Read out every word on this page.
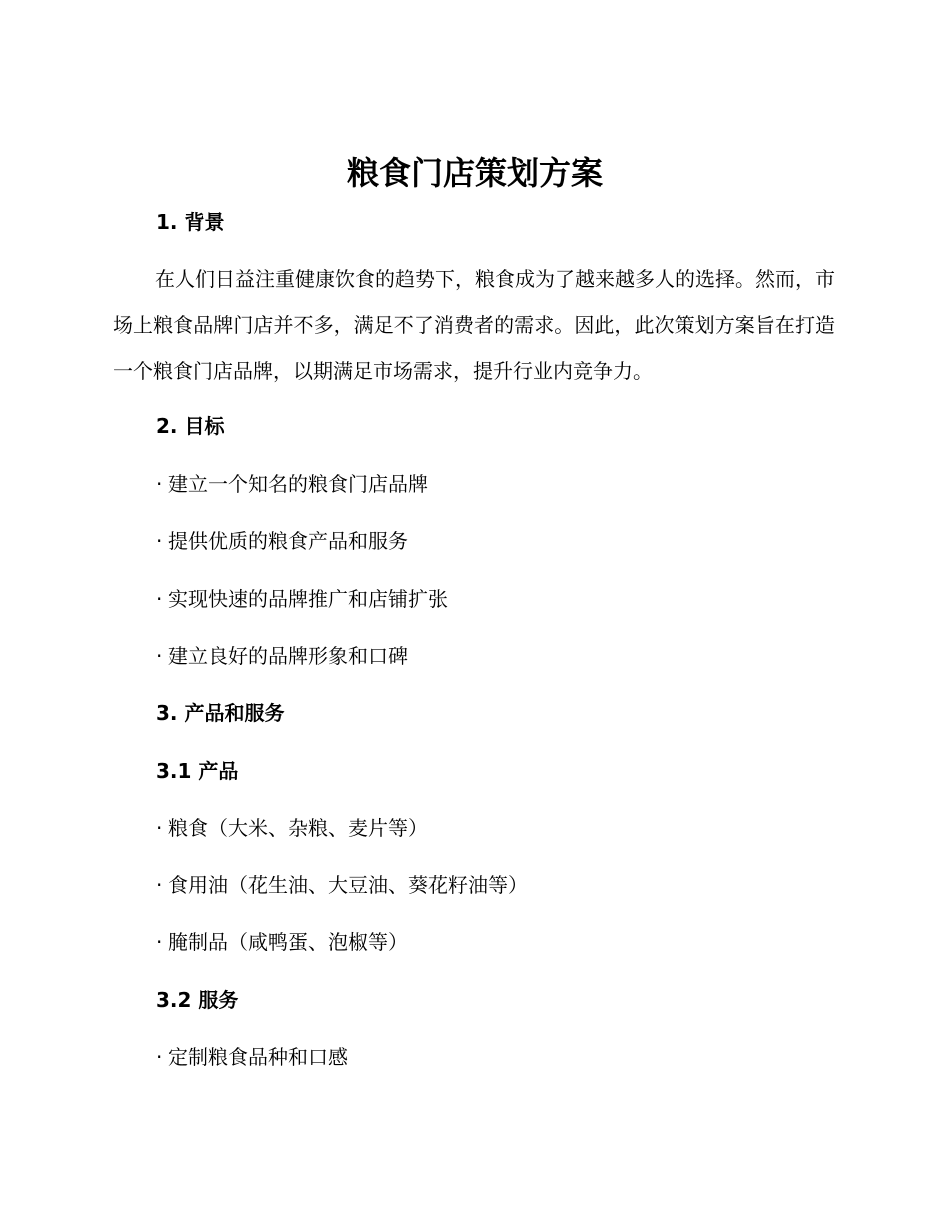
粮食门店策划方案
1. 背景
在人们日益注重健康饮食的趋势下，粮食成为了越来越多人的选择。然而，市场上粮食品牌门店并不多，满足不了消费者的需求。因此，此次策划方案旨在打造一个粮食门店品牌，以期满足市场需求，提升行业内竞争力。
2. 目标
· 建立一个知名的粮食门店品牌
· 提供优质的粮食产品和服务
· 实现快速的品牌推广和店铺扩张
· 建立良好的品牌形象和口碑
3. 产品和服务
3.1 产品
· 粮食（大米、杂粮、麦片等）
· 食用油（花生油、大豆油、葵花籽油等）
· 腌制品（咸鸭蛋、泡椒等）
3.2 服务
· 定制粮食品种和口感
